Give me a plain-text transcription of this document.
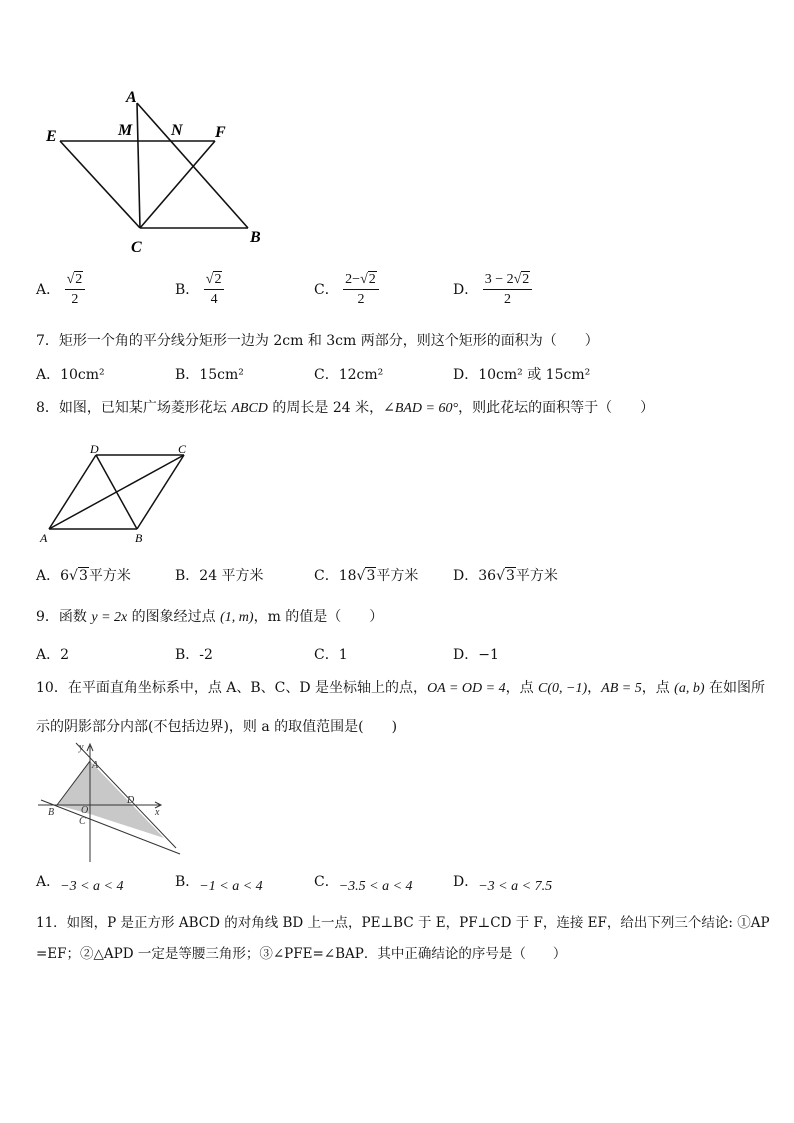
A
M N
E	F
C
B
A． $\frac{√2}{2}$	B． $\frac{√2}{4}$	C． $\frac{2-√2}{2}$	D． $\frac{3 - 2√2}{2}$
7．矩形一个角的平分线分矩形一边为 2cm 和 3cm 两部分，则这个矩形的面积为（　　）
A．10cm²	B．15cm²	C．12cm²	D．10cm² 或 15cm²
8．如图，已知某广场菱形花坛 ABCD 的周长是 24 米，∠BAD = 60°，则此花坛的面积等于（　　）
D	C
A	B
A．6√3平方米	B．24 平方米	C．18√3平方米 D．36√3平方米
9．函数 y = 2x 的图象经过点 (1, m)，m 的值是（　　）
A．2	B．-2	C．1	D．−1
10．在平面直角坐标系中，点 A、B、C、D 是坐标轴上的点，OA = OD = 4，点 C(0, −1)，AB = 5，点 (a, b) 在如图所
示的阴影部分内部(不包括边界)，则 a 的取值范围是(　　)
y
x
A
B	O
C
D
A．−3 < a < 4	B．−1 < a < 4	C．−3.5 < a < 4	D．−3 < a < 7.5
11．如图，P 是正方形 ABCD 的对角线 BD 上一点，PE⊥BC 于 E，PF⊥CD 于 F，连接 EF，给出下列三个结论: ①AP
=EF；②△APD 一定是等腰三角形；③∠PFE=∠BAP．其中正确结论的序号是（　　）
